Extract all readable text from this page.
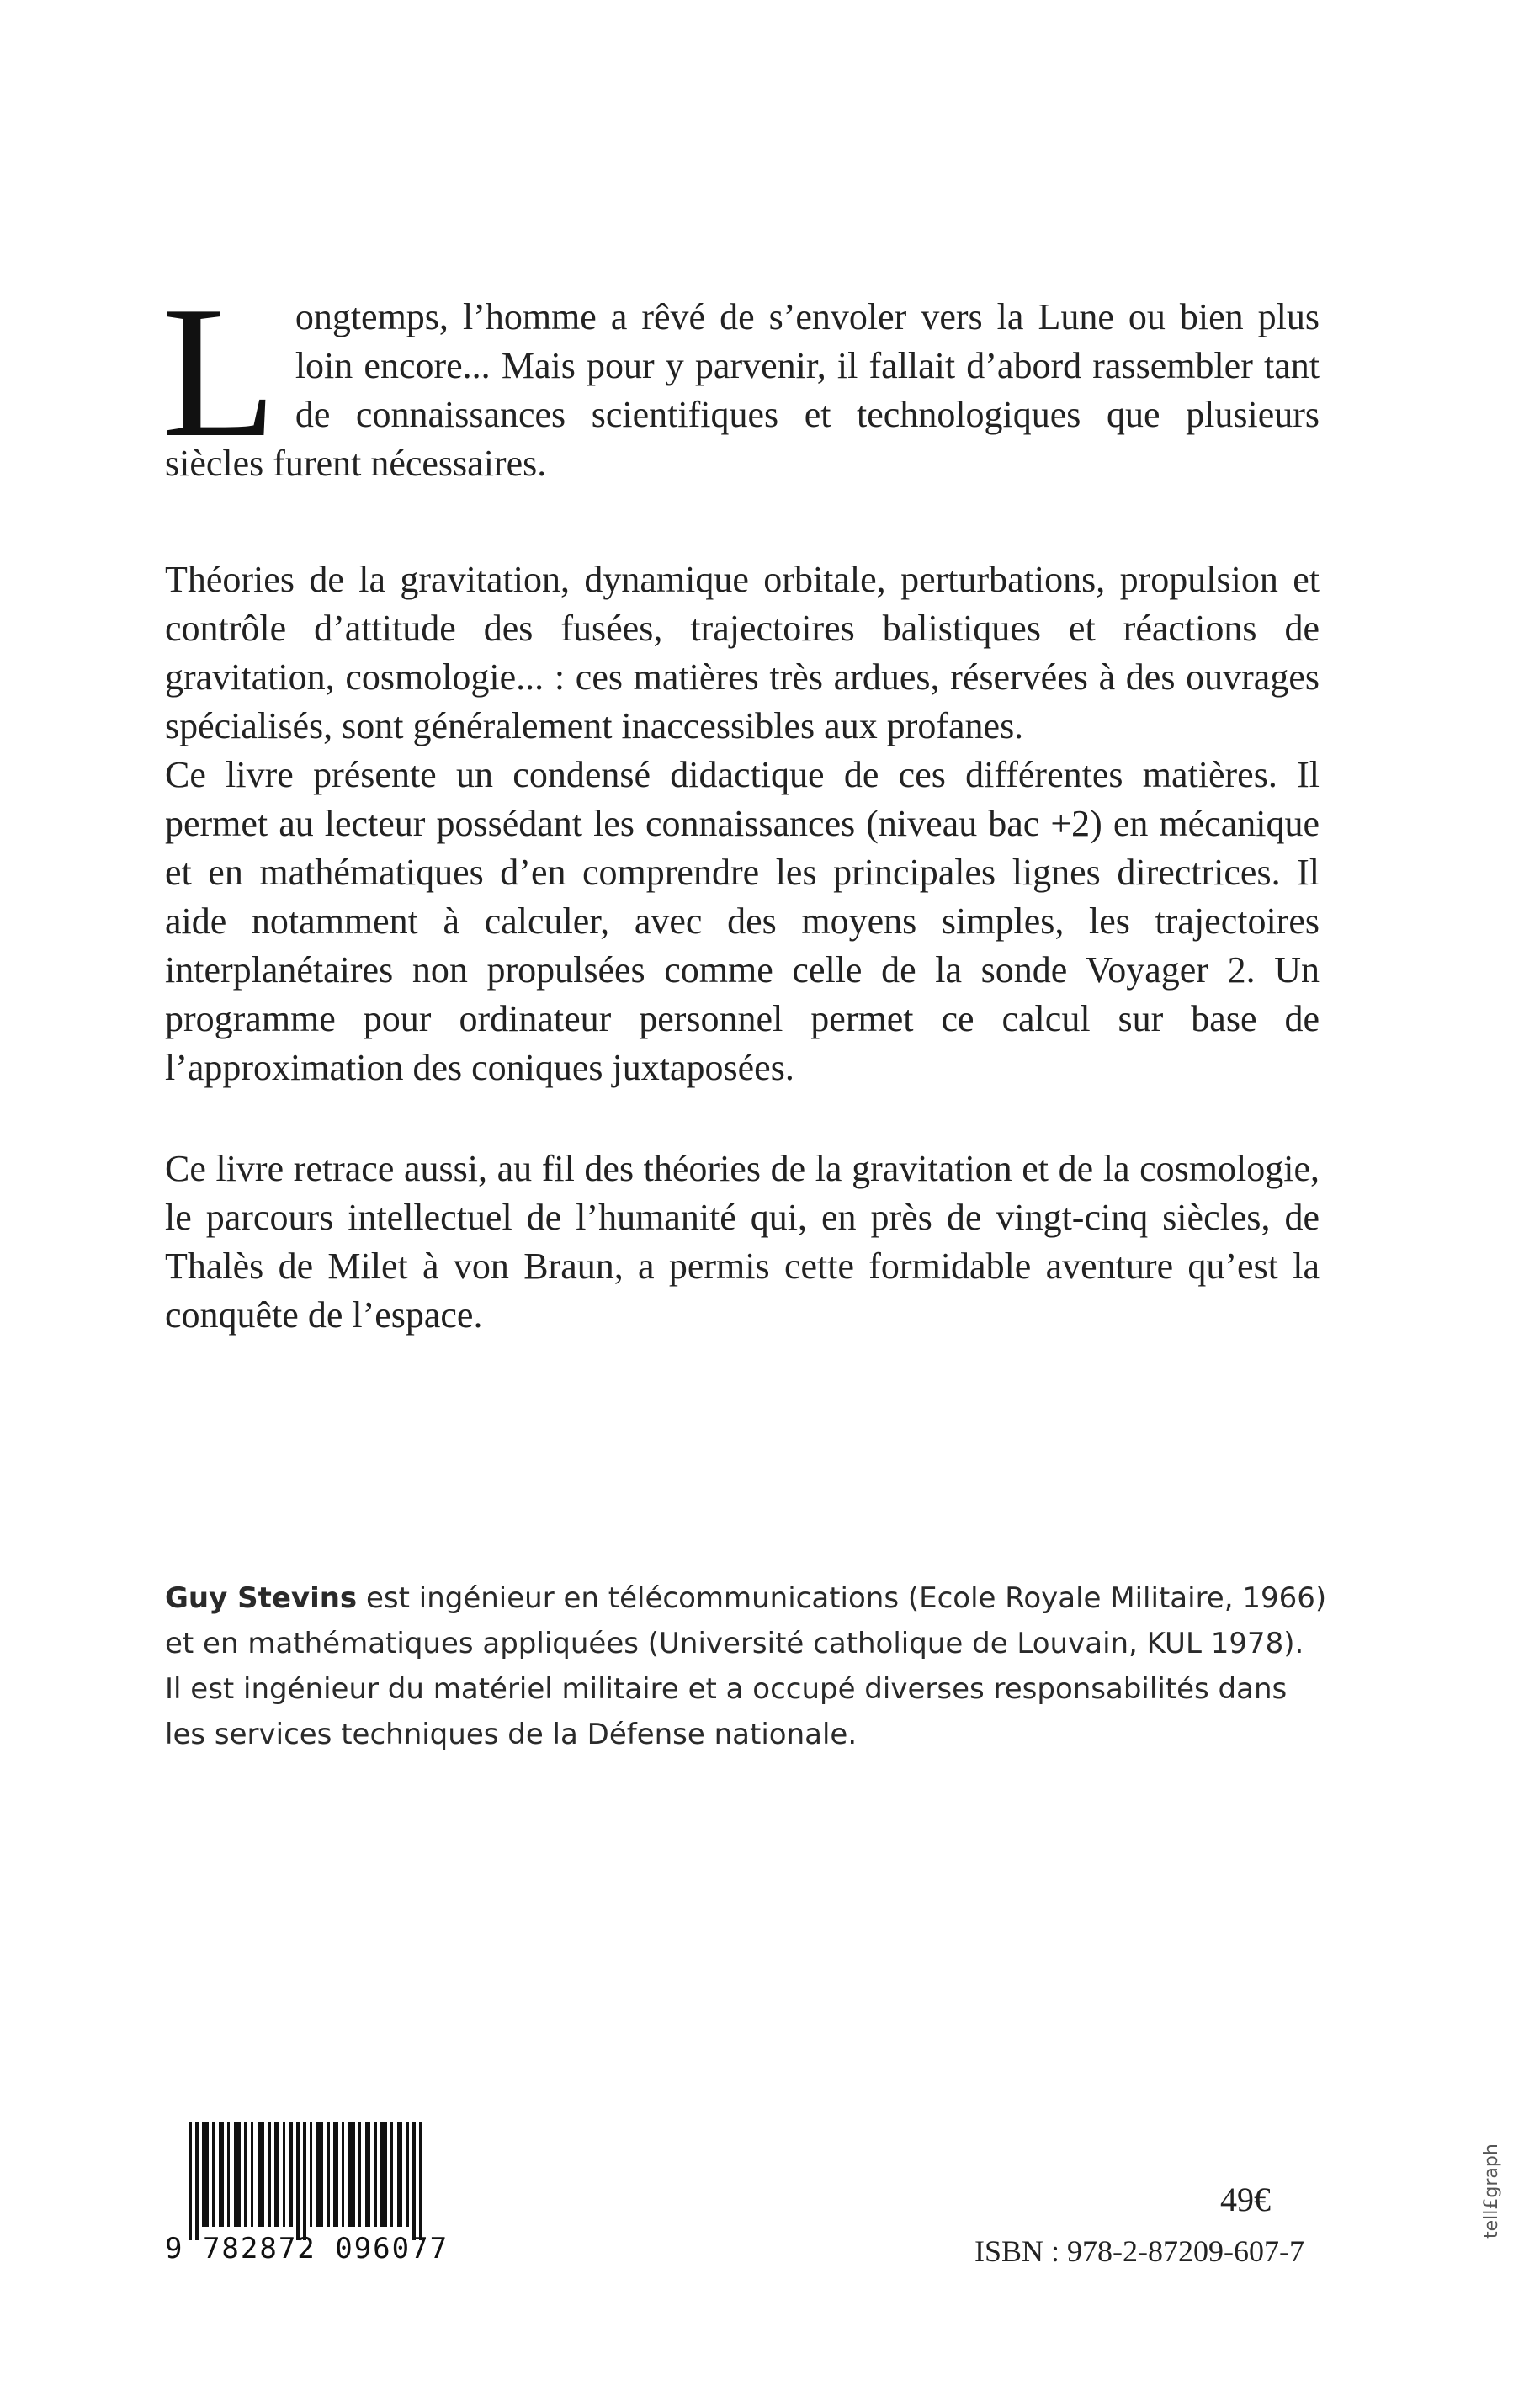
L ongtemps, l’homme a rêvé de s’envoler vers la Lune ou bien plus loin encore... Mais pour y parvenir, il fallait d’abord rassembler tant de connaissances scientifiques et technologiques que plusieurs siècles furent nécessaires.
Théories de la gravitation, dynamique orbitale, perturbations, propulsion et contrôle d’attitude des fusées, trajectoires balistiques et réactions de gravitation, cosmologie... : ces matières très ardues, réservées à des ouvrages spécialisés, sont généralement inaccessibles aux profanes.
Ce livre présente un condensé didactique de ces différentes matières. Il permet au lecteur possédant les connaissances (niveau bac +2) en mécanique et en mathématiques d’en comprendre les principales lignes directrices. Il aide notamment à calculer, avec des moyens simples, les trajectoires interplanétaires non propulsées comme celle de la sonde Voyager 2. Un programme pour ordinateur personnel permet ce calcul sur base de l’approximation des coniques juxtaposées.
Ce livre retrace aussi, au fil des théories de la gravitation et de la cosmologie, le parcours intellectuel de l’humanité qui, en près de vingt-cinq siècles, de Thalès de Milet à von Braun, a permis cette formidable aventure qu’est la conquête de l’espace.
Guy Stevins est ingénieur en télécommunications (Ecole Royale Militaire, 1966) et en mathématiques appliquées (Université catholique de Louvain, KUL 1978).
Il est ingénieur du matériel militaire et a occupé diverses responsabilités dans les services techniques de la Défense nationale.
9 782872 096077
49€
ISBN : 978-2-87209-607-7
tell£graph
